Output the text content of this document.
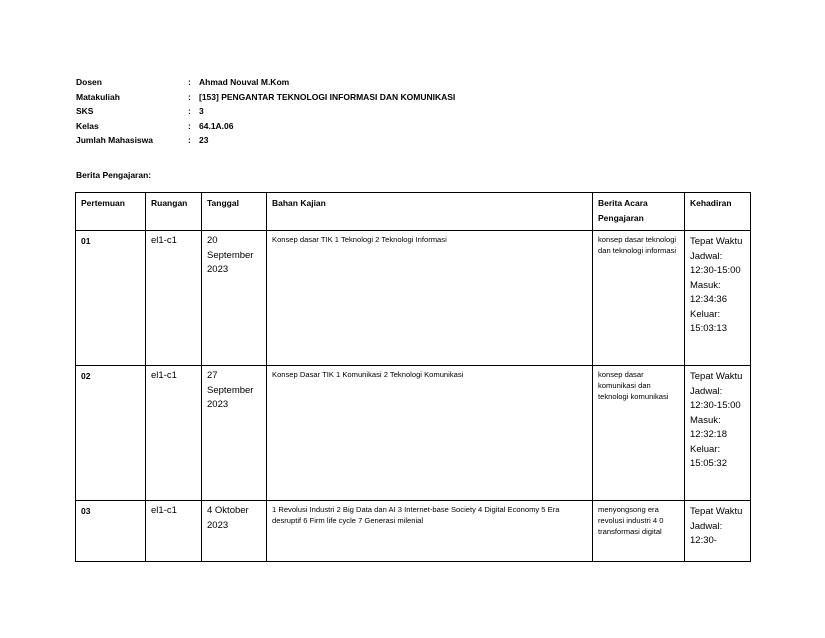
Dosen	: Ahmad Nouval M.Kom
Matakuliah	: [153] PENGANTAR TEKNOLOGI INFORMASI DAN KOMUNIKASI
SKS	: 3
Kelas	: 64.1A.06
Jumlah Mahasiswa	: 23
Berita Pengajaran:
Pertemuan	Ruangan	Tanggal	Bahan Kajian	Berita Acara Pengajaran	Kehadiran
01	el1-c1	20 September 2023	Konsep dasar TIK 1 Teknologi 2 Teknologi Informasi	konsep dasar teknologi dan teknologi informasi	Tepat Waktu Jadwal: 12:30-15:00 Masuk: 12:34:36 Keluar: 15:03:13
02	el1-c1	27 September 2023	Konsep Dasar TIK 1 Komunikasi 2 Teknologi Komunikasi	konsep dasar komunikasi dan teknologi komunikasi	Tepat Waktu Jadwal: 12:30-15:00 Masuk: 12:32:18 Keluar: 15:05:32
03	el1-c1	4 Oktober 2023	1 Revolusi Industri 2 Big Data dan AI 3 Internet-base Society 4 Digital Economy 5 Era desruptif 6 Firm life cycle 7 Generasi milenial	menyongsong era revolusi industri 4 0 transformasi digital	Tepat Waktu Jadwal: 12:30-
